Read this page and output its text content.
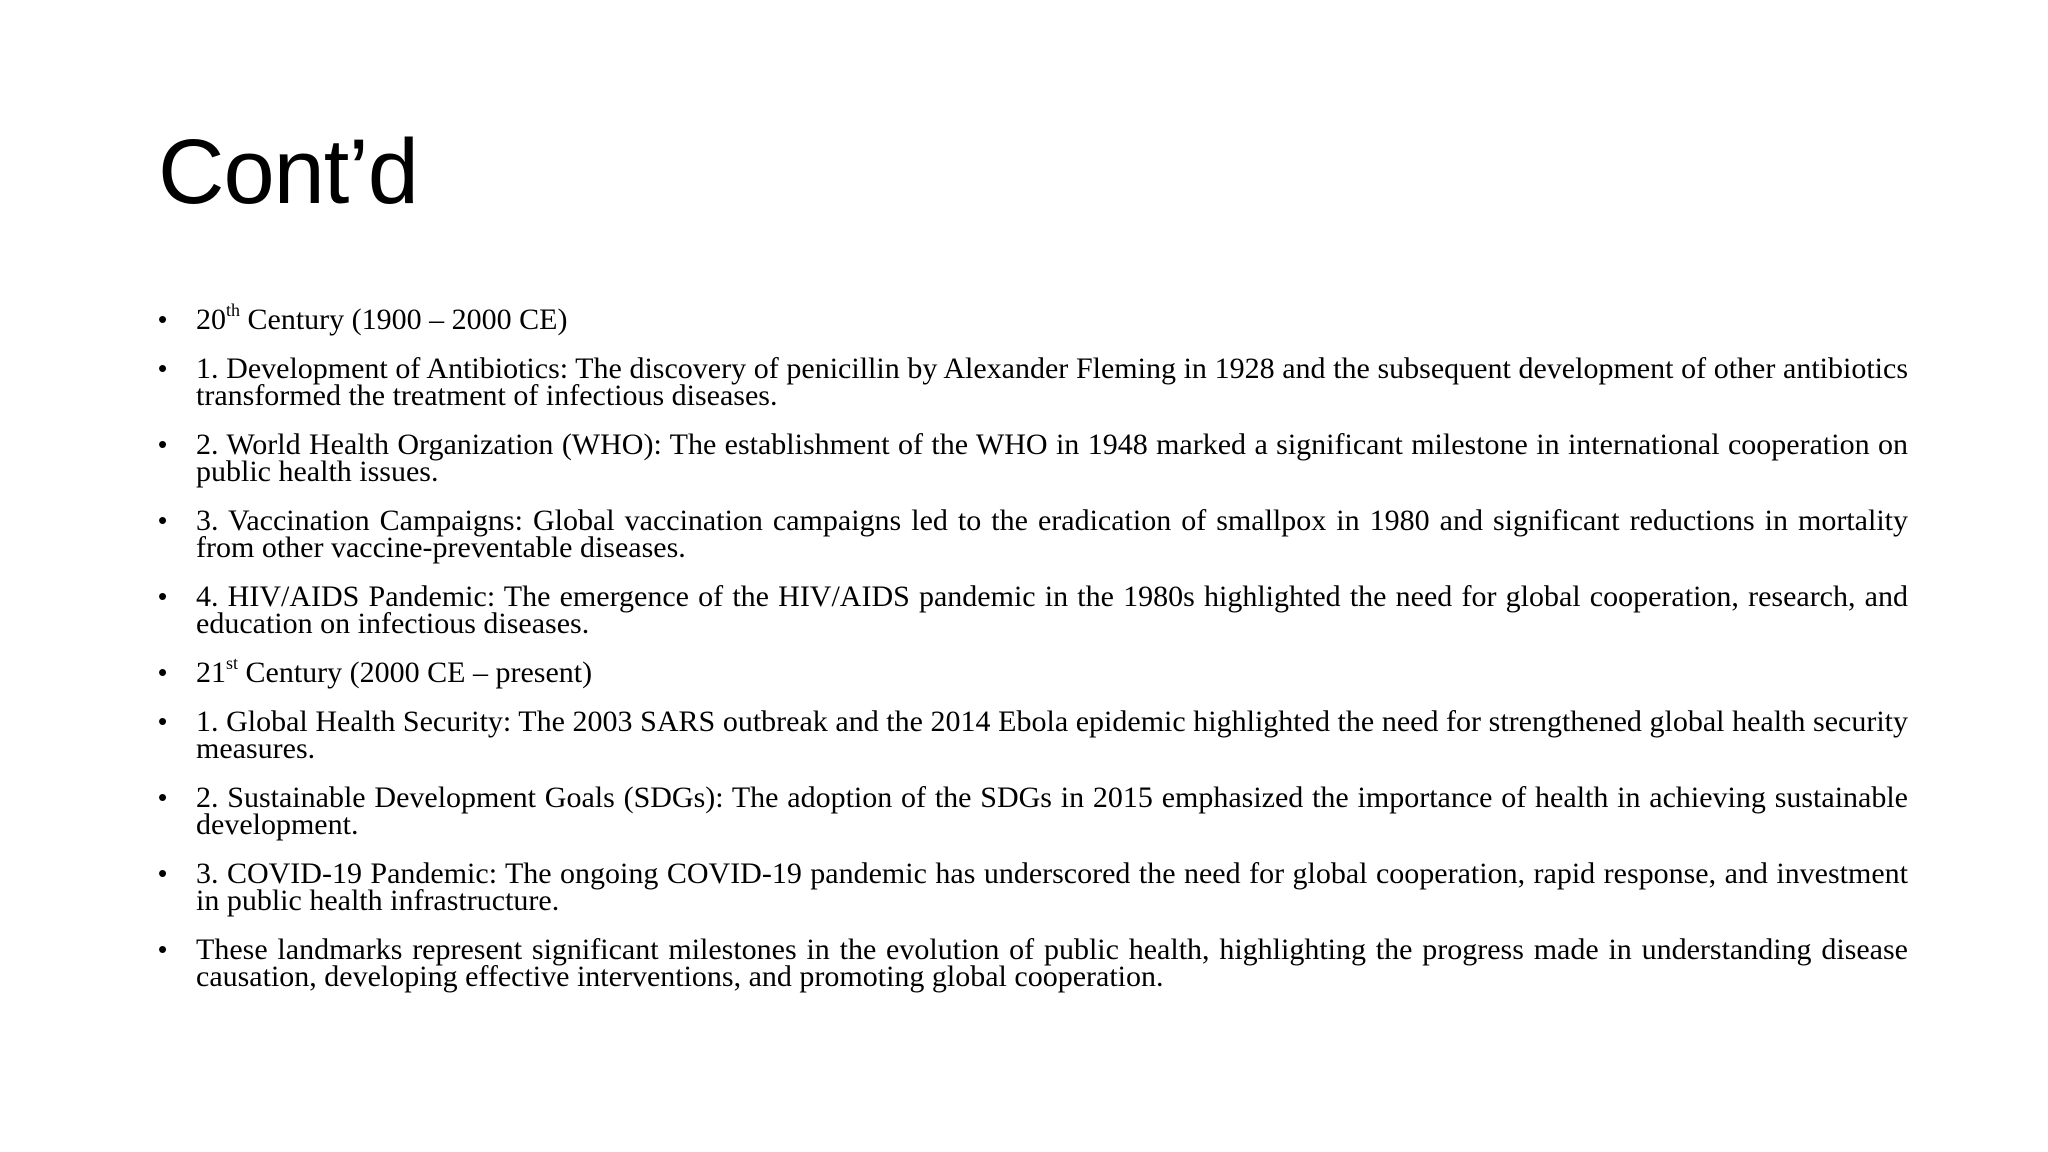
Cont’d
• 20th Century (1900 – 2000 CE)
• 1. Development of Antibiotics: The discovery of penicillin by Alexander Fleming in 1928 and the subsequent development of other antibiotics transformed the treatment of infectious diseases.
• 2. World Health Organization (WHO): The establishment of the WHO in 1948 marked a significant milestone in international cooperation on public health issues.
• 3. Vaccination Campaigns: Global vaccination campaigns led to the eradication of smallpox in 1980 and significant reductions in mortality from other vaccine-preventable diseases.
• 4. HIV/AIDS Pandemic: The emergence of the HIV/AIDS pandemic in the 1980s highlighted the need for global cooperation, research, and education on infectious diseases.
• 21st Century (2000 CE – present)
• 1. Global Health Security: The 2003 SARS outbreak and the 2014 Ebola epidemic highlighted the need for strengthened global health security measures.
• 2. Sustainable Development Goals (SDGs): The adoption of the SDGs in 2015 emphasized the importance of health in achieving sustainable development.
• 3. COVID-19 Pandemic: The ongoing COVID-19 pandemic has underscored the need for global cooperation, rapid response, and investment in public health infrastructure.
• These landmarks represent significant milestones in the evolution of public health, highlighting the progress made in understanding disease causation, developing effective interventions, and promoting global cooperation.
